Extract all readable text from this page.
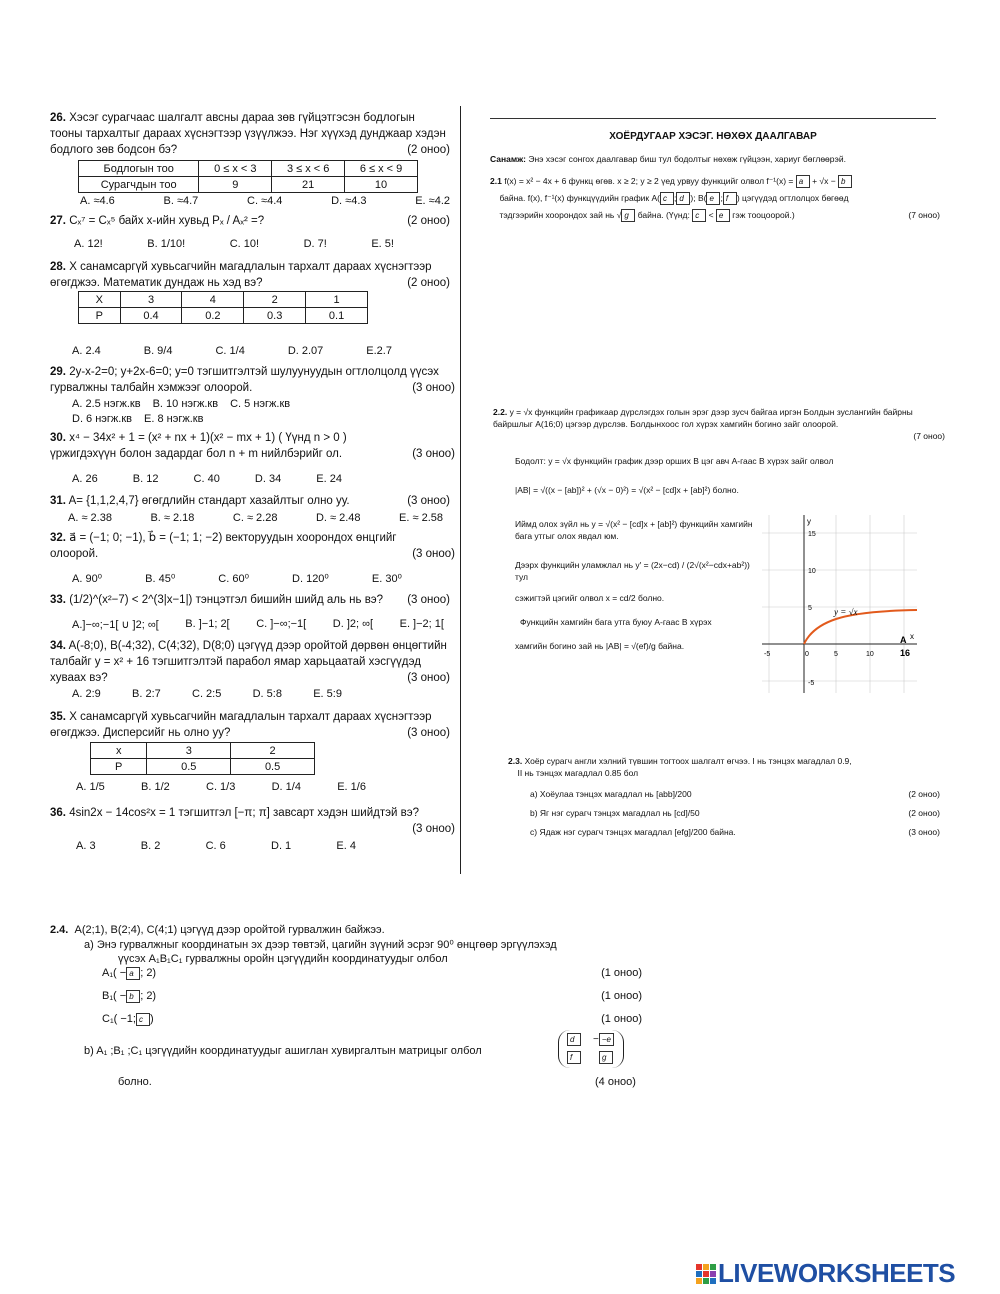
26. Хэсэг сурагчаас шалгалт авсны дараа зөв гүйцэтгэсэн бодлогын тооны тархалтыг дараах хүснэгтээр үзүүлжээ. Нэг хүүхэд дунджаар хэдэн бодлого зөв бодсон бэ?	(2 оноо)
Бодлогын тоо	0 ≤ x < 3	3 ≤ x < 6	6 ≤ x < 9
Сурагчдын тоо	9	21	10
A. ≈4.6	B. ≈4.7	C. ≈4.4	D. ≈4.3	E. ≈4.2
27. Cₓ⁷ = Cₓ⁵ байх x-ийн хувьд Pₓ / Aₓ² =?	(2 оноо)
A. 12!	B. 1/10!	C. 10!	D. 7!	E. 5!
28. X санамсаргүй хувьсагчийн магадлалын тархалт дараах хүснэгтээр өгөгджээ. Математик дундаж нь хэд вэ?	(2 оноо)
X	3	4	2	1
P	0.4	0.2	0.3	0.1
A. 2.4	B. 9/4	C. 1/4	D. 2.07	E.2.7
29. 2y-x-2=0; y+2x-6=0; y=0 тэгшитгэлтэй шулуунуудын огтлолцолд үүсэх гурвалжны талбайн хэмжээг олоорой.	(3 оноо)
A. 2.5 нэгж.кв B. 10 нэгж.кв C. 5 нэгж.кв
D. 6 нэгж.кв E. 8 нэгж.кв
30. x⁴ − 34x² + 1 = (x² + nx + 1)(x² − mx + 1) ( Үүнд n > 0 )
үржигдэхүүн болон задардаг бол n + m нийлбэрийг ол.	(3 оноо)
A. 26	B. 12	C. 40	D. 34	E. 24
31. A= {1,1,2,4,7} өгөгдлийн стандарт хазайлтыг олно уу.	(3 оноо)
A. ≈ 2.38	B. ≈ 2.18	C. ≈ 2.28	D. ≈ 2.48	E. ≈ 2.58
32. a⃗ = (−1; 0; −1), b⃗ = (−1; 1; −2) векторуудын хоорондох өнцгийг
олоорой.	(3 оноо)
A. 90⁰	B. 45⁰	C. 60⁰	D. 120⁰	E. 30⁰
33. (1/2)^(x²−7) < 2^(3|x−1|) тэнцэтгэл бишийн шийд аль нь вэ? (3 оноо)
A.]−∞;−1[ ∪ ]2; ∞[ B. ]−1; 2[ C. ]−∞;−1[ D. ]2; ∞[ E. ]−2; 1[
34. A(-8;0), B(-4;32), C(4;32), D(8;0) цэгүүд дээр оройтой дөрвөн өнцөгтийн талбайг y = x² + 16 тэгшитгэлтэй парабол ямар харьцаатай хэсгүүдэд хуваах вэ?	(3 оноо)
A. 2:9	B. 2:7	C. 2:5	D. 5:8	E. 5:9
35. X санамсаргүй хувьсагчийн магадлалын тархалт дараах хүснэгтээр өгөгджээ. Дисперсийг нь олно уу?	(3 оноо)
x	3	2
P	0.5	0.5
A. 1/5	B. 1/2	C. 1/3	D. 1/4	E. 1/6
36. 4sin2x − 14cos²x = 1 тэгшитгэл [−π; π] завсарт хэдэн шийдтэй вэ?

(3 оноо)
A. 3	B. 2	C. 6	D. 1	E. 4
ХОЁРДУГААР ХЭСЭГ. НӨХӨХ ДААЛГАВАР
Санамж: Энэ хэсэг сонгох даалгавар биш тул бодолтыг нөхөж гүйцээн, хариуг бөглөөрэй.
2.1 f(x) = x² − 4x + 6 функц өгөв. x ≥ 2; y ≥ 2 үед урвуу функцийг олвол f⁻¹(x) = a + √x − b
байна. f(x), f⁻¹(x) функцүүдийн график A( c ; d ); B( e ; f ) цэгүүдэд огтлолцох бөгөөд
тэдгээрийн хоорондох зай нь √ g байна. (Үүнд: c < e гэж тооцоорой.)	(7 оноо)
2.2. y = √x функцийн графикаар дүрслэгдэх голын эрэг дээр зусч байгаа иргэн Болдын зуслангийн байрны байршлыг А(16;0) цэгээр дүрслэв. Болдынхоос гол хүрэх хамгийн богино зайг олоорой.
(7 оноо)
Бодолт: y = √x функцийн график дээр орших B цэг авч A-гаас B хүрэх зайг олвол
|AB| = √((x − [ab])² + (√x − 0)²) = √(x² − [cd]x + [ab]²) болно.
Иймд олох зүйл нь y = √(x² − [cd]x + [ab]²) функцийн хамгийн бага утгыг олох явдал юм.
Дээрх функцийн уламжлал нь y′ = (2x−cd) / (2√(x²−cdx+ab²)) тул
сэжигтэй цэгийг олвол x = cd/2 болно.
Функцийн хамгийн бага утга буюу А-гаас В хүрэх
хамгийн богино зай нь |AB| = √(ef)/g байна.
y = √x
y
x
A
-5	0	5	10	16
15
10
5
-5
2.3. Хоёр сурагч англи хэлний түвшин тогтоох шалгалт өгчээ. I нь тэнцэх магадлал 0.9,
II нь тэнцэх магадлал 0.85 бол
a) Хоёулаа тэнцэх магадлал нь [abb]/200	(2 оноо)
b) Яг нэг сурагч тэнцэх магадлал нь [cd]/50	(2 оноо)
c) Ядаж нэг сурагч тэнцэх магадлал [efg]/200 байна.	(3 оноо)
2.4. A(2;1), B(2;4), C(4;1) цэгүүд дээр оройтой гурвалжин байжээ.
а) Энэ гурвалжныг координатын эх дээр төвтэй, цагийн зүүний эсрэг 90⁰ өнцгөөр эргүүлэхэд
үүсэх A₁B₁C₁ гурвалжны оройн цэгүүдийн координатуудыг олбол
A₁( − a ; 2)	(1 оноо)
B₁( − b ; 2)	(1 оноо)
C₁( −1; c )	(1 оноо)
b) A₁ ;B₁ ;C₁ цэгүүдийн координатуудыг ашиглан хувиргалтын матрицыг олбол
d	− −e
f	g
болно.	(4 оноо)
LIVEWORKSHEETS
